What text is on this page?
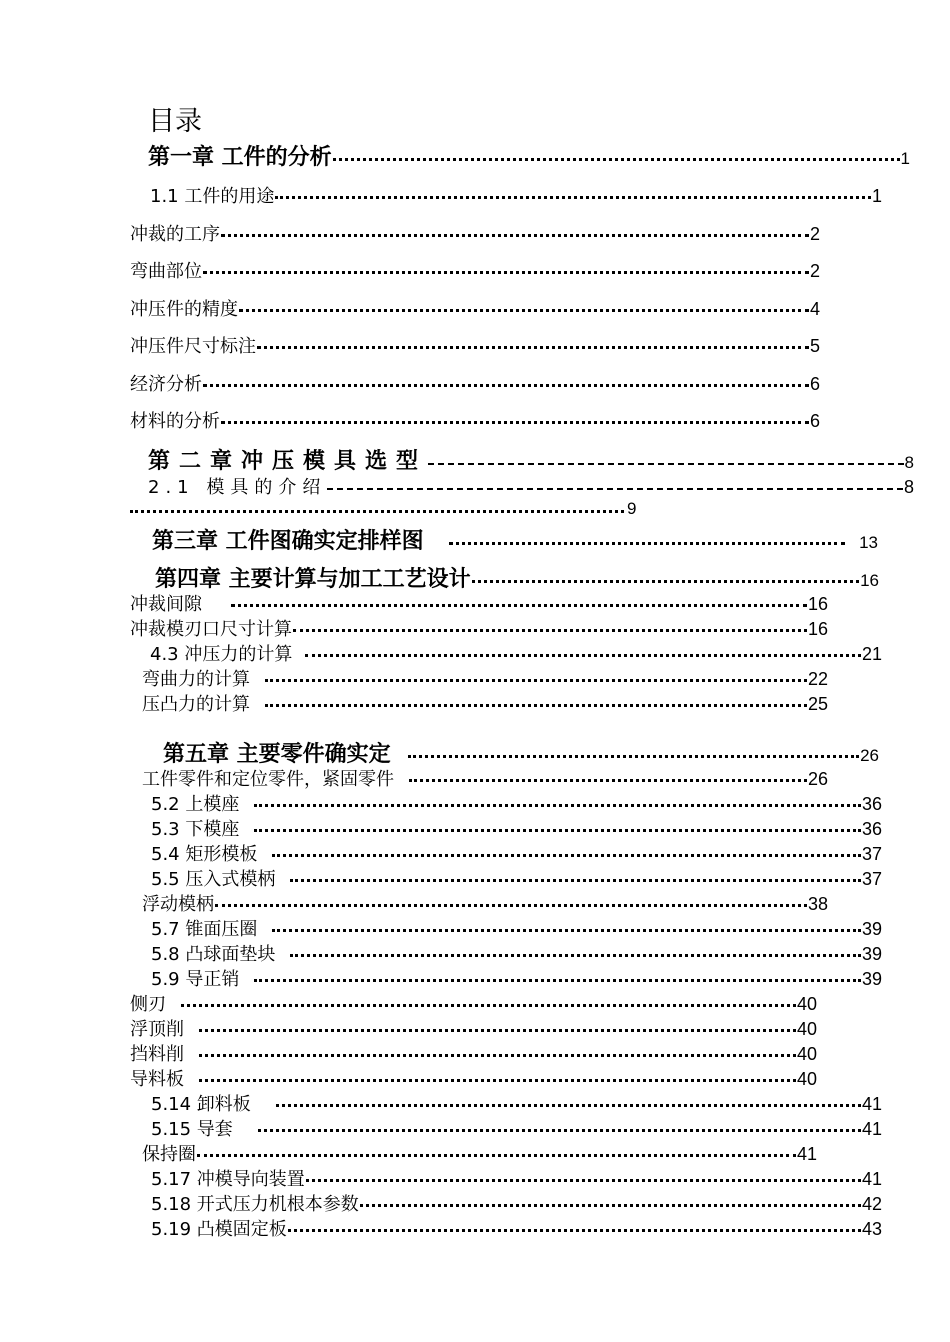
目录
第一章 工件的分析	1
1.1 工件的用途	1
冲裁的工序	2
弯曲部位	2
冲压件的精度	4
冲压件尺寸标注	5
经济分析	6
材料的分析	6
第二章冲压模具选型	8
2.1 模具的介绍	8
9
第三章 工件图确实定排样图	13
第四章 主要计算与加工工艺设计	16
冲裁间隙	16
冲裁模刃口尺寸计算	16
4.3 冲压力的计算	21
弯曲力的计算	22
压凸力的计算	25
第五章 主要零件确实定	26
工件零件和定位零件，紧固零件	26
5.2 上模座	36
5.3 下模座	36
5.4 矩形模板	37
5.5 压入式模柄	37
浮动模柄	38
5.7 锥面压圈	39
5.8 凸球面垫块	39
5.9 导正销	39
侧刃	40
浮顶削	40
挡料削	40
导料板	40
5.14 卸料板	41
5.15 导套	41
保持圈	41
5.17 冲模导向装置	41
5.18 开式压力机根本参数	42
5.19 凸模固定板	43
